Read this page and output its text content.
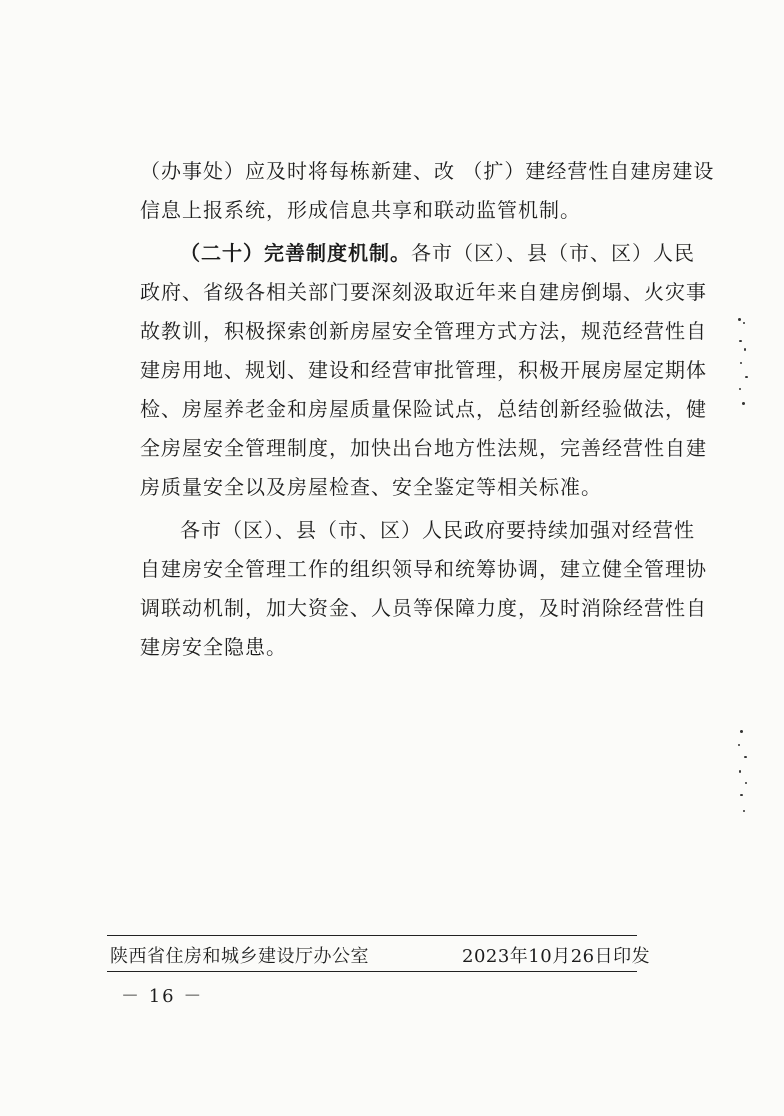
（办事处）应及时将每栋新建、改 （扩）建经营性自建房建设
信息上报系统，形成信息共享和联动监管机制。

（二十）完善制度机制。各市（区）、县（市、区）人民
政府、省级各相关部门要深刻汲取近年来自建房倒塌、火灾事
故教训，积极探索创新房屋安全管理方式方法，规范经营性自
建房用地、规划、建设和经营审批管理，积极开展房屋定期体
检、房屋养老金和房屋质量保险试点，总结创新经验做法，健
全房屋安全管理制度，加快出台地方性法规，完善经营性自建
房质量安全以及房屋检查、安全鉴定等相关标准。

各市（区）、县（市、区）人民政府要持续加强对经营性
自建房安全管理工作的组织领导和统筹协调，建立健全管理协
调联动机制，加大资金、人员等保障力度，及时消除经营性自
建房安全隐患。

陕西省住房和城乡建设厅办公室	2023年10月26日印发
－ 16 －
